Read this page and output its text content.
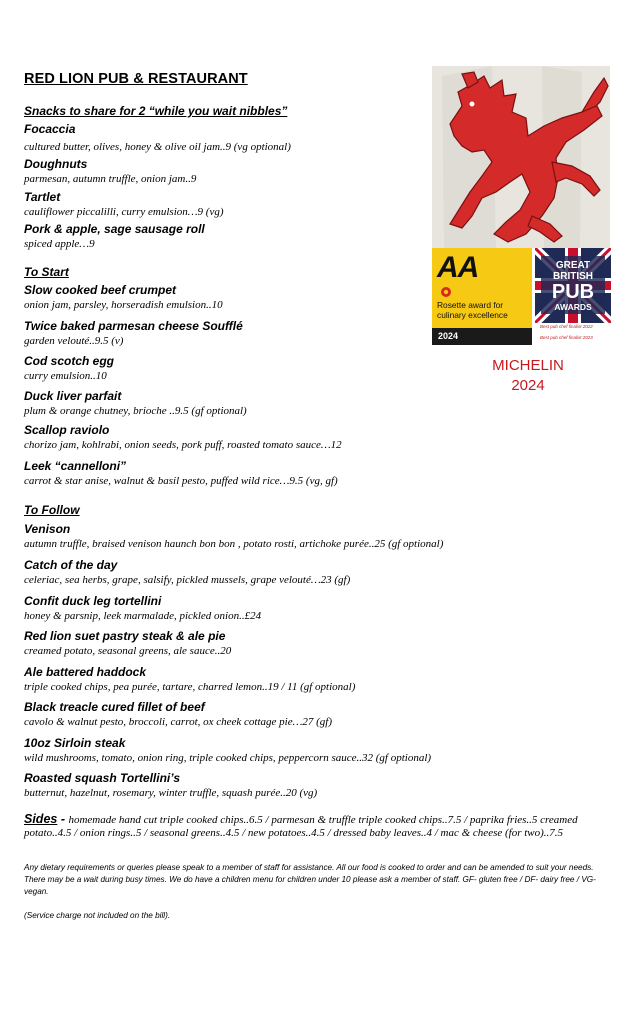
RED LION PUB & RESTAURANT
Snacks to share for 2 “while you wait nibbles”
Focaccia
cultured butter, olives, honey & olive oil jam..9 (vg optional)
Doughnuts
parmesan, autumn truffle, onion jam..9
Tartlet
cauliflower piccalilli, curry emulsion…9 (vg)
Pork & apple, sage sausage roll
spiced apple…9
To Start
Slow cooked beef crumpet
onion jam, parsley, horseradish emulsion..10
Twice baked parmesan cheese Soufflé
garden velouté..9.5 (v)
Cod scotch egg
curry emulsion..10
Duck liver parfait
plum & orange chutney, brioche ..9.5 (gf optional)
Scallop raviolo
chorizo jam, kohlrabi, onion seeds, pork puff, roasted tomato sauce…12
Leek “cannelloni”
carrot & star anise, walnut & basil pesto, puffed wild rice…9.5 (vg, gf)
To Follow
Venison
autumn truffle, braised venison haunch bon bon , potato rosti, artichoke purée..25 (gf optional)
Catch of the day
celeriac, sea herbs, grape, salsify, pickled mussels, grape velouté…23 (gf)
Confit duck leg tortellini
honey & parsnip, leek marmalade, pickled onion..£24
Red lion suet pastry steak & ale pie
creamed potato, seasonal greens, ale sauce..20
Ale battered haddock
triple cooked chips, pea purée, tartare, charred lemon..19 / 11 (gf optional)
Black treacle cured fillet of beef
cavolo & walnut pesto, broccoli, carrot, ox cheek cottage pie…27 (gf)
10oz Sirloin steak
wild mushrooms, tomato, onion ring, triple cooked chips, peppercorn sauce..32 (gf optional)
Roasted squash Tortellini’s
butternut, hazelnut, rosemary, winter truffle, squash purée..20 (vg)
Sides - homemade hand cut triple cooked chips..6.5 / parmesan & truffle triple cooked chips..7.5 / paprika fries..5 creamed potato..4.5 / onion rings..5 / seasonal greens..4.5 / new potatoes..4.5 / dressed baby leaves..4 / mac & cheese (for two)..7.5
Any dietary requirements or queries please speak to a member of staff for assistance. All our food is cooked to order and can be amended to suit your needs. There may be a wait during busy times. We do have a children menu for children under 10 please ask a member of staff. GF- gluten free / DF- dairy free / VG- vegan.
(Service charge not included on the bill).
AA
Rosette award for culinary excellence
2024
GREAT BRITISH
PUB
AWARDS
Best pub chef finalist 2022
Best pub chef finalist 2023
MICHELIN
2024
